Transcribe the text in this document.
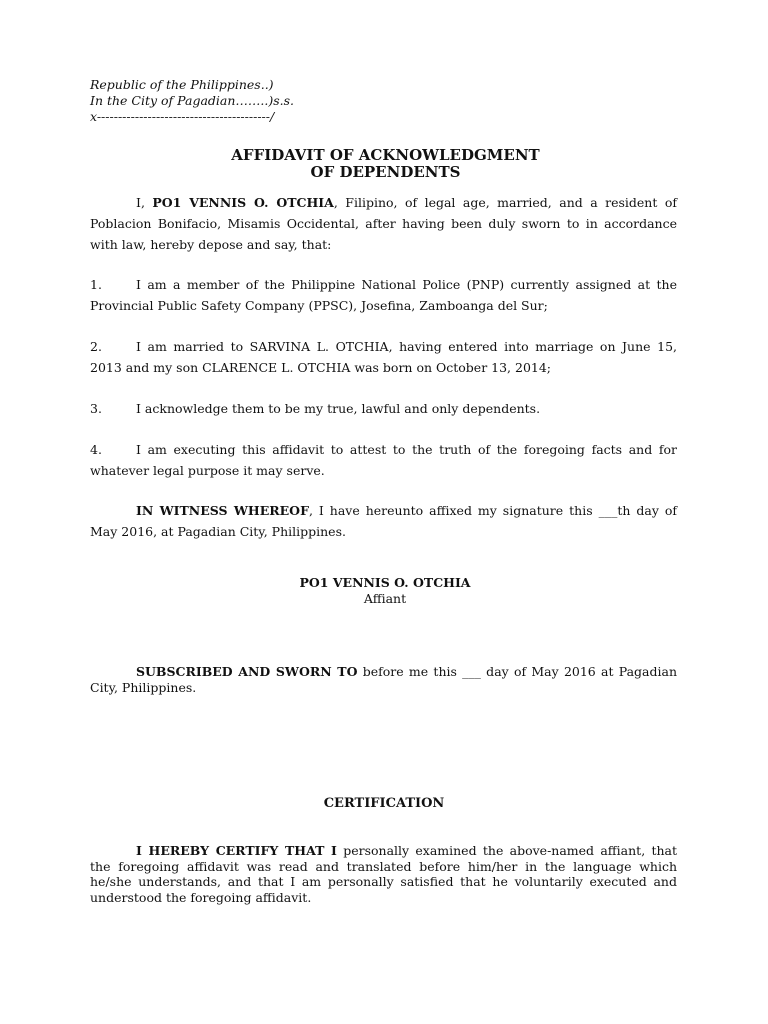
Republic of the Philippines..)
In the City of Pagadian……..)s.s.
x-----------------------------------------/
AFFIDAVIT OF ACKNOWLEDGMENT
OF DEPENDENTS
I, PO1 VENNIS O. OTCHIA, Filipino, of legal age, married, and a resident of Poblacion Bonifacio, Misamis Occidental, after having been duly sworn to in accordance with law, hereby depose and say, that:
1.	I am a member of the Philippine National Police (PNP) currently assigned at the Provincial Public Safety Company (PPSC), Josefina, Zamboanga del Sur;
2.	I am married to SARVINA L. OTCHIA, having entered into marriage on June 15, 2013 and my son CLARENCE L. OTCHIA was born on October 13, 2014;
3.	I acknowledge them to be my true, lawful and only dependents.
4.	I am executing this affidavit to attest to the truth of the foregoing facts and for whatever legal purpose it may serve.
IN WITNESS WHEREOF, I have hereunto affixed my signature this ___th day of May 2016, at Pagadian City, Philippines.
PO1 VENNIS O. OTCHIA
Affiant
SUBSCRIBED AND SWORN TO before me this ___ day of May 2016 at Pagadian City, Philippines.
CERTIFICATION
I HEREBY CERTIFY THAT I personally examined the above-named affiant, that the foregoing affidavit was read and translated before him/her in the language which he/she understands, and that I am personally satisfied that he voluntarily executed and understood the foregoing affidavit.
